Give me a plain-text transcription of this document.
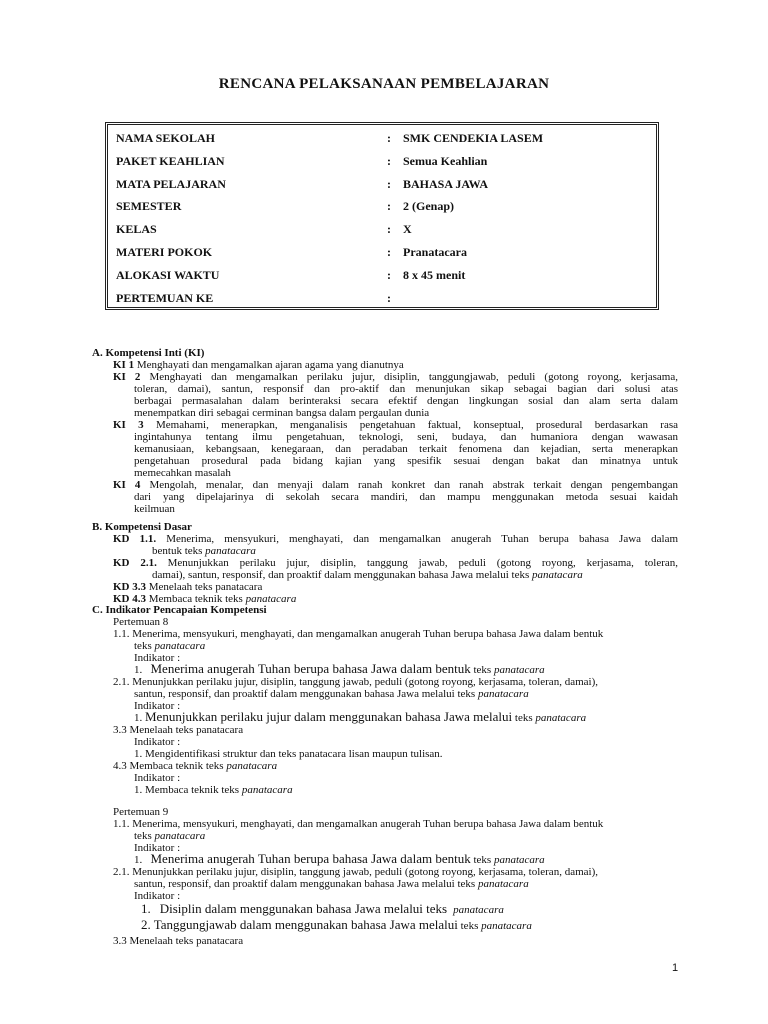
RENCANA PELAKSANAAN PEMBELAJARAN
NAMA SEKOLAH	: SMK CENDEKIA LASEM
PAKET KEAHLIAN	: Semua Keahlian
MATA PELAJARAN	: BAHASA JAWA
SEMESTER	: 2 (Genap)
KELAS	: X
MATERI POKOK	: Pranatacara
ALOKASI WAKTU	: 8 x 45 menit
PERTEMUAN KE	:
A. Kompetensi Inti (KI)
KI 1 Menghayati dan mengamalkan ajaran agama yang dianutnya
KI 2 Menghayati dan mengamalkan perilaku jujur, disiplin, tanggungjawab, peduli (gotong royong, kerjasama,
toleran, damai), santun, responsif dan pro-aktif dan menunjukan sikap sebagai bagian dari solusi atas
berbagai permasalahan dalam berinteraksi secara efektif dengan lingkungan sosial dan alam serta dalam
menempatkan diri sebagai cerminan bangsa dalam pergaulan dunia
KI 3 Memahami, menerapkan, menganalisis pengetahuan faktual, konseptual, prosedural berdasarkan rasa
ingintahunya tentang ilmu pengetahuan, teknologi, seni, budaya, dan humaniora dengan wawasan
kemanusiaan, kebangsaan, kenegaraan, dan peradaban terkait fenomena dan kejadian, serta menerapkan
pengetahuan prosedural pada bidang kajian yang spesifik sesuai dengan bakat dan minatnya untuk
memecahkan masalah
KI 4 Mengolah, menalar, dan menyaji dalam ranah konkret dan ranah abstrak terkait dengan pengembangan
dari yang dipelajarinya di sekolah secara mandiri, dan mampu menggunakan metoda sesuai kaidah
keilmuan
B. Kompetensi Dasar
KD 1.1. Menerima, mensyukuri, menghayati, dan mengamalkan anugerah Tuhan berupa bahasa Jawa dalam
bentuk teks panatacara
KD 2.1. Menunjukkan perilaku jujur, disiplin, tanggung jawab, peduli (gotong royong, kerjasama, toleran,
damai), santun, responsif, dan proaktif dalam menggunakan bahasa Jawa melalui teks panatacara
KD 3.3 Menelaah teks panatacara
KD 4.3 Membaca teknik teks panatacara
C. Indikator Pencapaian Kompetensi
Pertemuan 8
1.1. Menerima, mensyukuri, menghayati, dan mengamalkan anugerah Tuhan berupa bahasa Jawa dalam bentuk
teks panatacara
Indikator :
1. Menerima anugerah Tuhan berupa bahasa Jawa dalam bentuk teks panatacara
2.1. Menunjukkan perilaku jujur, disiplin, tanggung jawab, peduli (gotong royong, kerjasama, toleran, damai),
santun, responsif, dan proaktif dalam menggunakan bahasa Jawa melalui teks panatacara
Indikator :
1. Menunjukkan perilaku jujur dalam menggunakan bahasa Jawa melalui teks panatacara
3.3 Menelaah teks panatacara
Indikator :
1. Mengidentifikasi struktur dan teks panatacara lisan maupun tulisan.
4.3 Membaca teknik teks panatacara
Indikator :
1. Membaca teknik teks panatacara
Pertemuan 9
1.1. Menerima, mensyukuri, menghayati, dan mengamalkan anugerah Tuhan berupa bahasa Jawa dalam bentuk
teks panatacara
Indikator :
1. Menerima anugerah Tuhan berupa bahasa Jawa dalam bentuk teks panatacara
2.1. Menunjukkan perilaku jujur, disiplin, tanggung jawab, peduli (gotong royong, kerjasama, toleran, damai),
santun, responsif, dan proaktif dalam menggunakan bahasa Jawa melalui teks panatacara
Indikator :
1. Disiplin dalam menggunakan bahasa Jawa melalui teks panatacara
2. Tanggungjawab dalam menggunakan bahasa Jawa melalui teks panatacara
3.3 Menelaah teks panatacara
1
